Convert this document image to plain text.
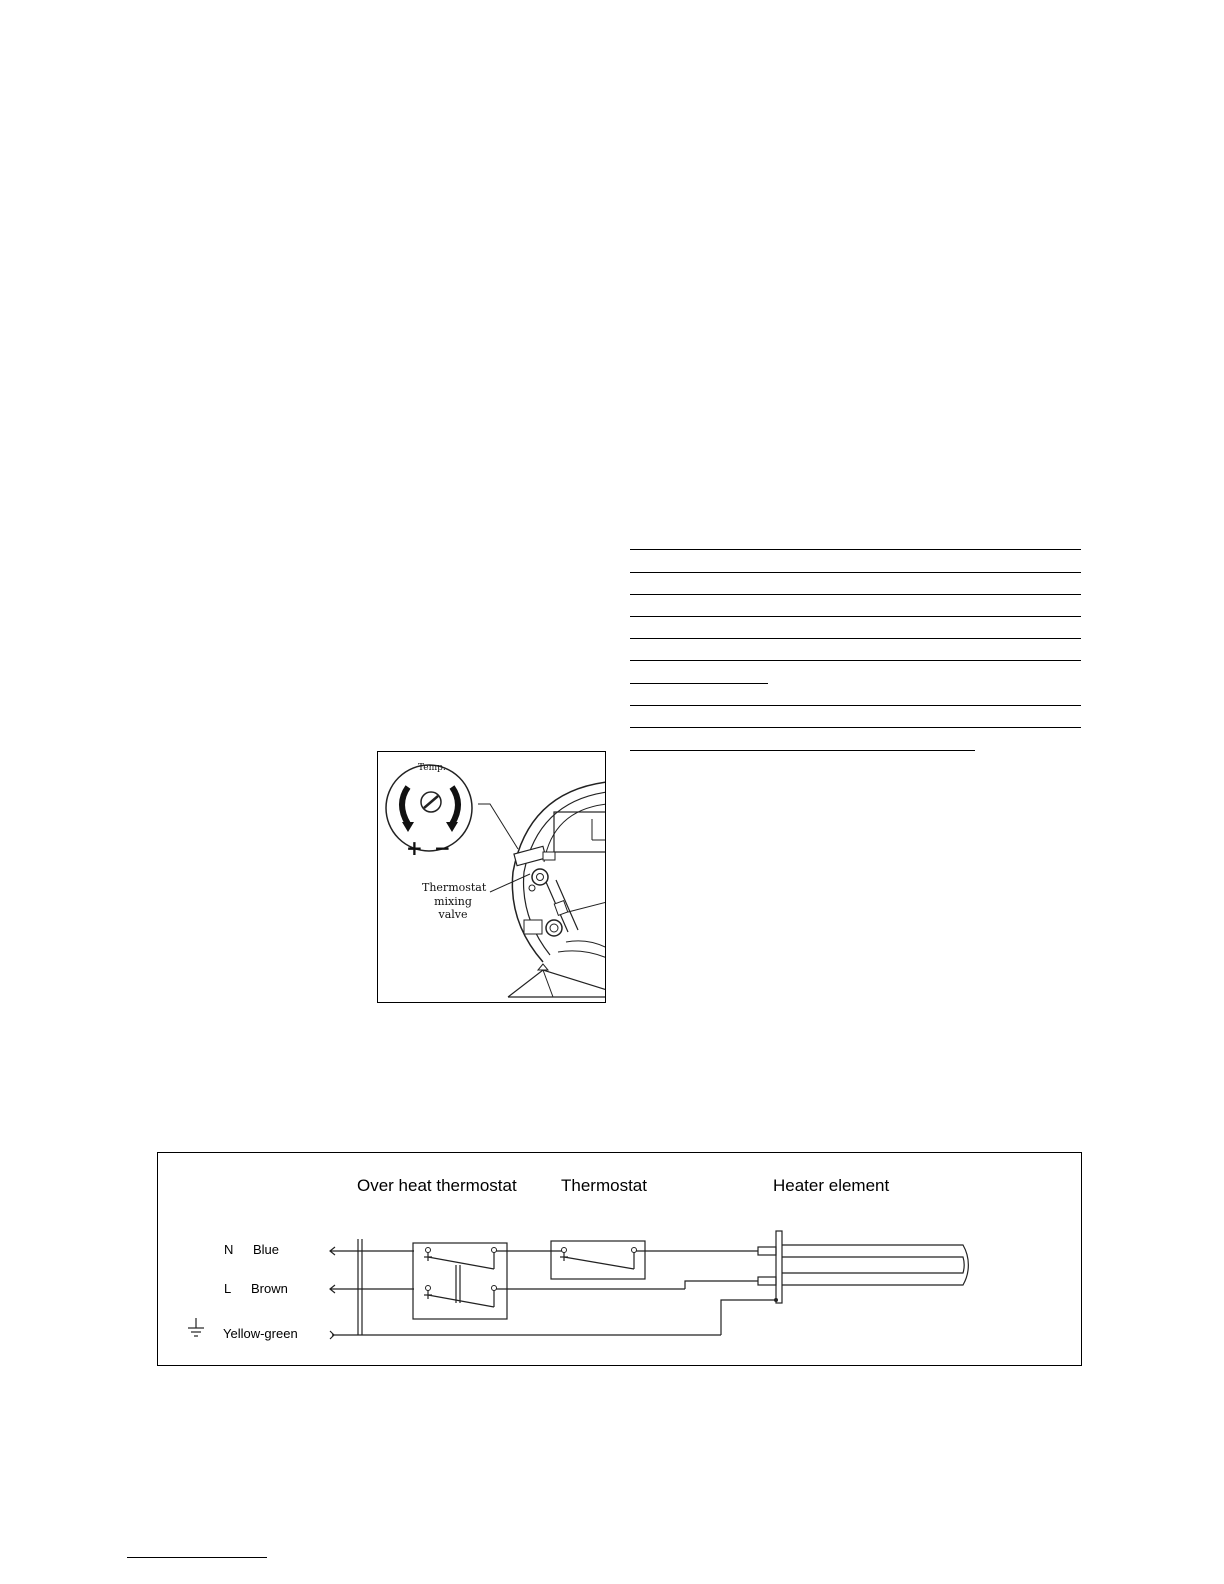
Temp.
+ −
Thermostat
mixing valve
Over heat thermostat	Thermostat	Heater element
N Blue
L Brown
Yellow-green
